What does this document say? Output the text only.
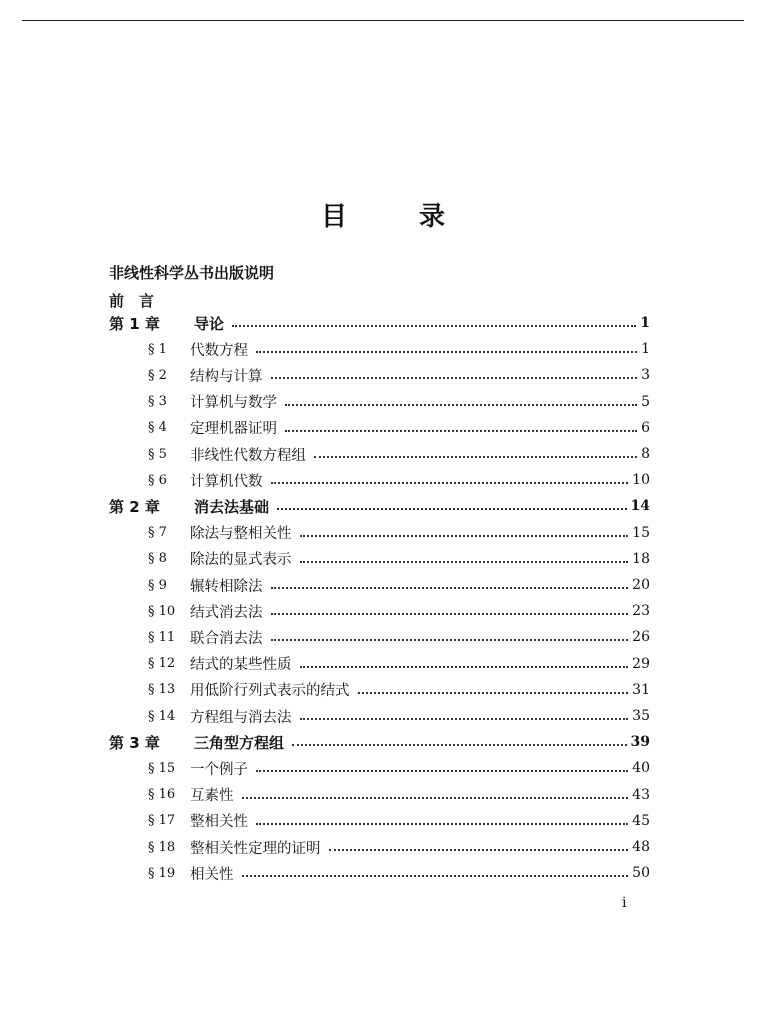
目	录
非线性科学丛书出版说明
前　言
第 1 章	导论	1
§ 1	代数方程	1
§ 2	结构与计算	3
§ 3	计算机与数学	5
§ 4	定理机器证明	6
§ 5	非线性代数方程组	8
§ 6	计算机代数	10
第 2 章	消去法基础	14
§ 7	除法与整相关性	15
§ 8	除法的显式表示	18
§ 9	辗转相除法	20
§ 10	结式消去法	23
§ 11	联合消去法	26
§ 12	结式的某些性质	29
§ 13	用低阶行列式表示的结式	31
§ 14	方程组与消去法	35
第 3 章	三角型方程组	39
§ 15	一个例子	40
§ 16	互素性	43
§ 17	整相关性	45
§ 18	整相关性定理的证明	48
§ 19	相关性	50
i
